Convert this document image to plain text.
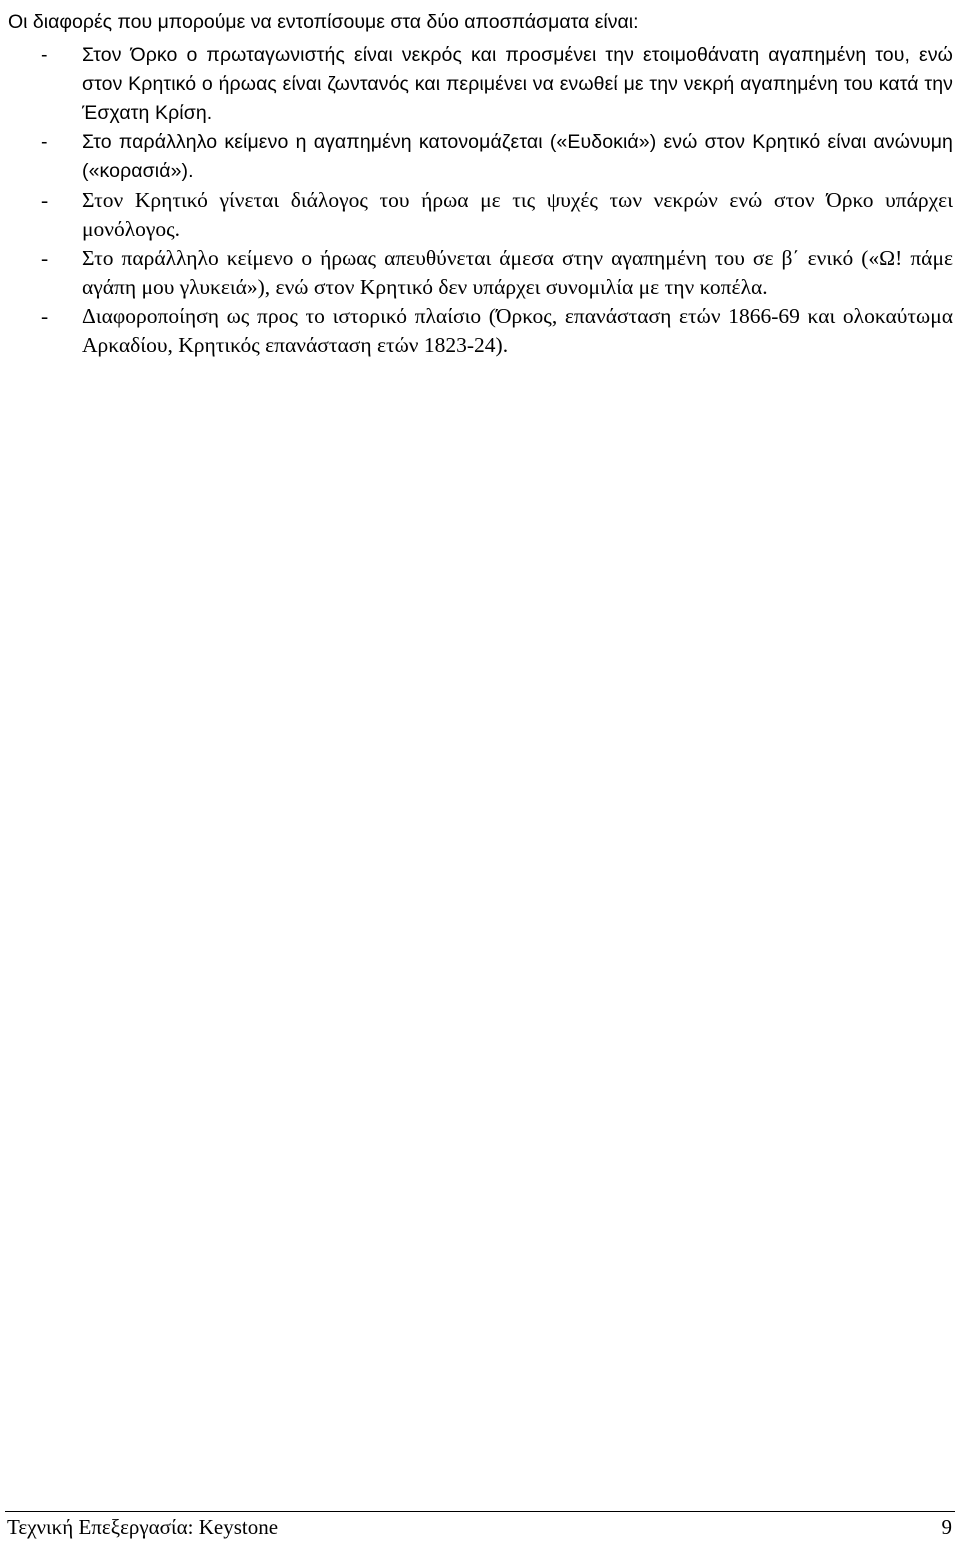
Οι διαφορές που μπορούμε να εντοπίσουμε στα δύο αποσπάσματα είναι:

- Στον Όρκο ο πρωταγωνιστής είναι νεκρός και προσμένει την ετοιμοθάνατη αγαπημένη του, ενώ στον Κρητικό ο ήρωας είναι ζωντανός και περιμένει να ενωθεί με την νεκρή αγαπημένη του κατά την Έσχατη Κρίση.
- Στο παράλληλο κείμενο η αγαπημένη κατονομάζεται («Ευδοκιά») ενώ στον Κρητικό είναι ανώνυμη («κορασιά»).
- Στον Κρητικό γίνεται διάλογος του ήρωα με τις ψυχές των νεκρών ενώ στον Όρκο υπάρχει μονόλογος.
- Στο παράλληλο κείμενο ο ήρωας απευθύνεται άμεσα στην αγαπημένη του σε β΄ ενικό («Ω! πάμε αγάπη μου γλυκειά»), ενώ στον Κρητικό δεν υπάρχει συνομιλία με την κοπέλα.
- Διαφοροποίηση ως προς το ιστορικό πλαίσιο (Όρκος, επανάσταση ετών 1866-69 και ολοκαύτωμα Αρκαδίου, Κρητικός επανάσταση ετών 1823-24).
Τεχνική Επεξεργασία: Keystone	9
